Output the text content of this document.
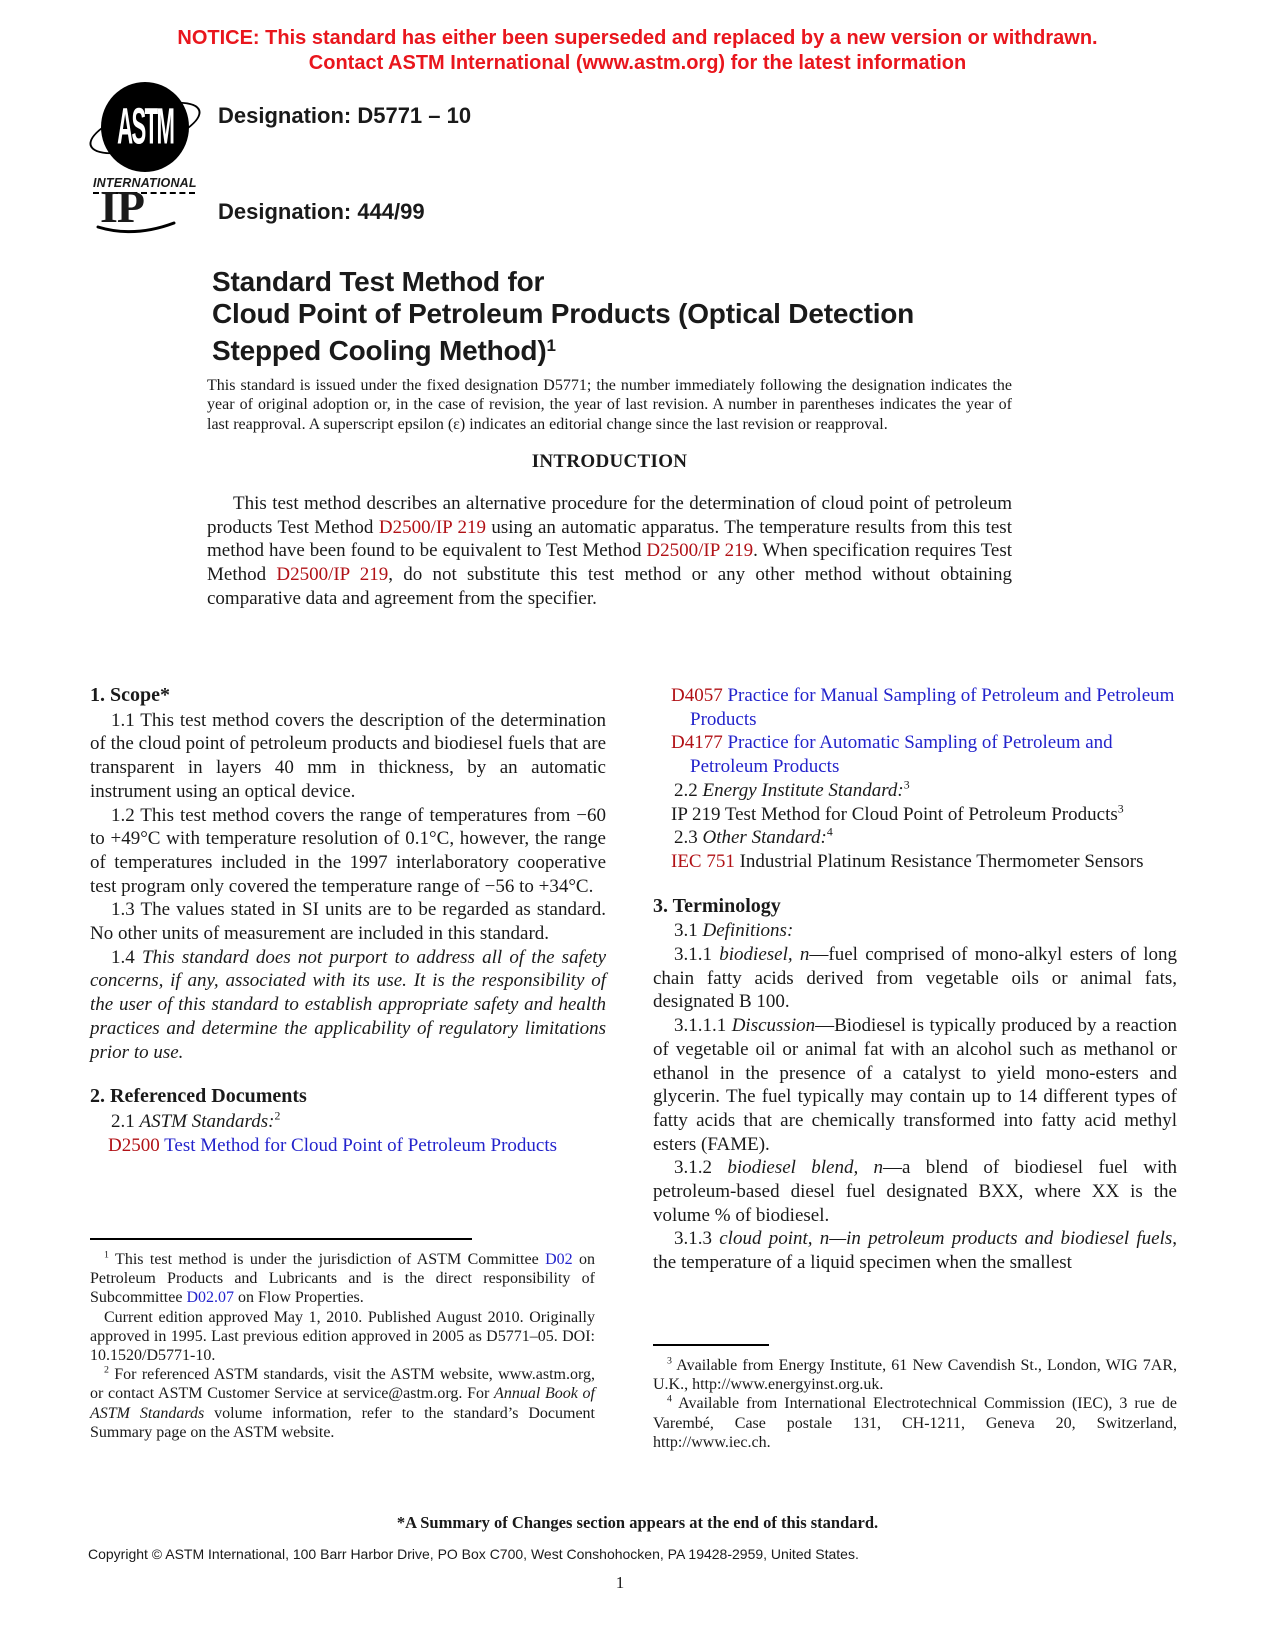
NOTICE: This standard has either been superseded and replaced by a new version or withdrawn.
Contact ASTM International (www.astm.org) for the latest information
ASTM
INTERNATIONAL
Designation: D5771 – 10
IP	Designation: 444/99
Standard Test Method for
Cloud Point of Petroleum Products (Optical Detection
Stepped Cooling Method)$^1$
This standard is issued under the fixed designation D5771; the number immediately following the designation indicates the year of original adoption or, in the case of revision, the year of last revision. A number in parentheses indicates the year of last reapproval. A superscript epsilon (ε) indicates an editorial change since the last revision or reapproval.
INTRODUCTION
This test method describes an alternative procedure for the determination of cloud point of petroleum products Test Method D2500/IP 219 using an automatic apparatus. The temperature results from this test method have been found to be equivalent to Test Method D2500/IP 219. When specification requires Test Method D2500/IP 219, do not substitute this test method or any other method without obtaining comparative data and agreement from the specifier.
1. Scope*

1.1 This test method covers the description of the determination of the cloud point of petroleum products and biodiesel fuels that are transparent in layers 40 mm in thickness, by an automatic instrument using an optical device.

1.2 This test method covers the range of temperatures from −60 to +49°C with temperature resolution of 0.1°C, however, the range of temperatures included in the 1997 interlaboratory cooperative test program only covered the temperature range of −56 to +34°C.

1.3 The values stated in SI units are to be regarded as standard. No other units of measurement are included in this standard.

1.4 This standard does not purport to address all of the safety concerns, if any, associated with its use. It is the responsibility of the user of this standard to establish appropriate safety and health practices and determine the applicability of regulatory limitations prior to use.

2. Referenced Documents

2.1 ASTM Standards:$^2$

D2500 Test Method for Cloud Point of Petroleum Products

D4057 Practice for Manual Sampling of Petroleum and Petroleum Products

D4177 Practice for Automatic Sampling of Petroleum and Petroleum Products

2.2 Energy Institute Standard:$^3$

IP 219 Test Method for Cloud Point of Petroleum Products$^3$

2.3 Other Standard:$^4$

IEC 751 Industrial Platinum Resistance Thermometer Sensors

3. Terminology

3.1 Definitions:

3.1.1 biodiesel, n—fuel comprised of mono-alkyl esters of long chain fatty acids derived from vegetable oils or animal fats, designated B 100.

3.1.1.1 Discussion—Biodiesel is typically produced by a reaction of vegetable oil or animal fat with an alcohol such as methanol or ethanol in the presence of a catalyst to yield mono-esters and glycerin. The fuel typically may contain up to 14 different types of fatty acids that are chemically transformed into fatty acid methyl esters (FAME).

3.1.2 biodiesel blend, n—a blend of biodiesel fuel with petroleum-based diesel fuel designated BXX, where XX is the volume % of biodiesel.

3.1.3 cloud point, n—in petroleum products and biodiesel fuels, the temperature of a liquid specimen when the smallest

$^1$ This test method is under the jurisdiction of ASTM Committee D02 on Petroleum Products and Lubricants and is the direct responsibility of Subcommittee D02.07 on Flow Properties.

Current edition approved May 1, 2010. Published August 2010. Originally approved in 1995. Last previous edition approved in 2005 as D5771–05. DOI: 10.1520/D5771-10.

$^2$ For referenced ASTM standards, visit the ASTM website, www.astm.org, or contact ASTM Customer Service at service@astm.org. For Annual Book of ASTM Standards volume information, refer to the standard’s Document Summary page on the ASTM website.

$^3$ Available from Energy Institute, 61 New Cavendish St., London, WIG 7AR, U.K., http://www.energyinst.org.uk.

$^4$ Available from International Electrotechnical Commission (IEC), 3 rue de Varembé, Case postale 131, CH-1211, Geneva 20, Switzerland, http://www.iec.ch.

*A Summary of Changes section appears at the end of this standard.
Copyright © ASTM International, 100 Barr Harbor Drive, PO Box C700, West Conshohocken, PA 19428-2959, United States.
1
